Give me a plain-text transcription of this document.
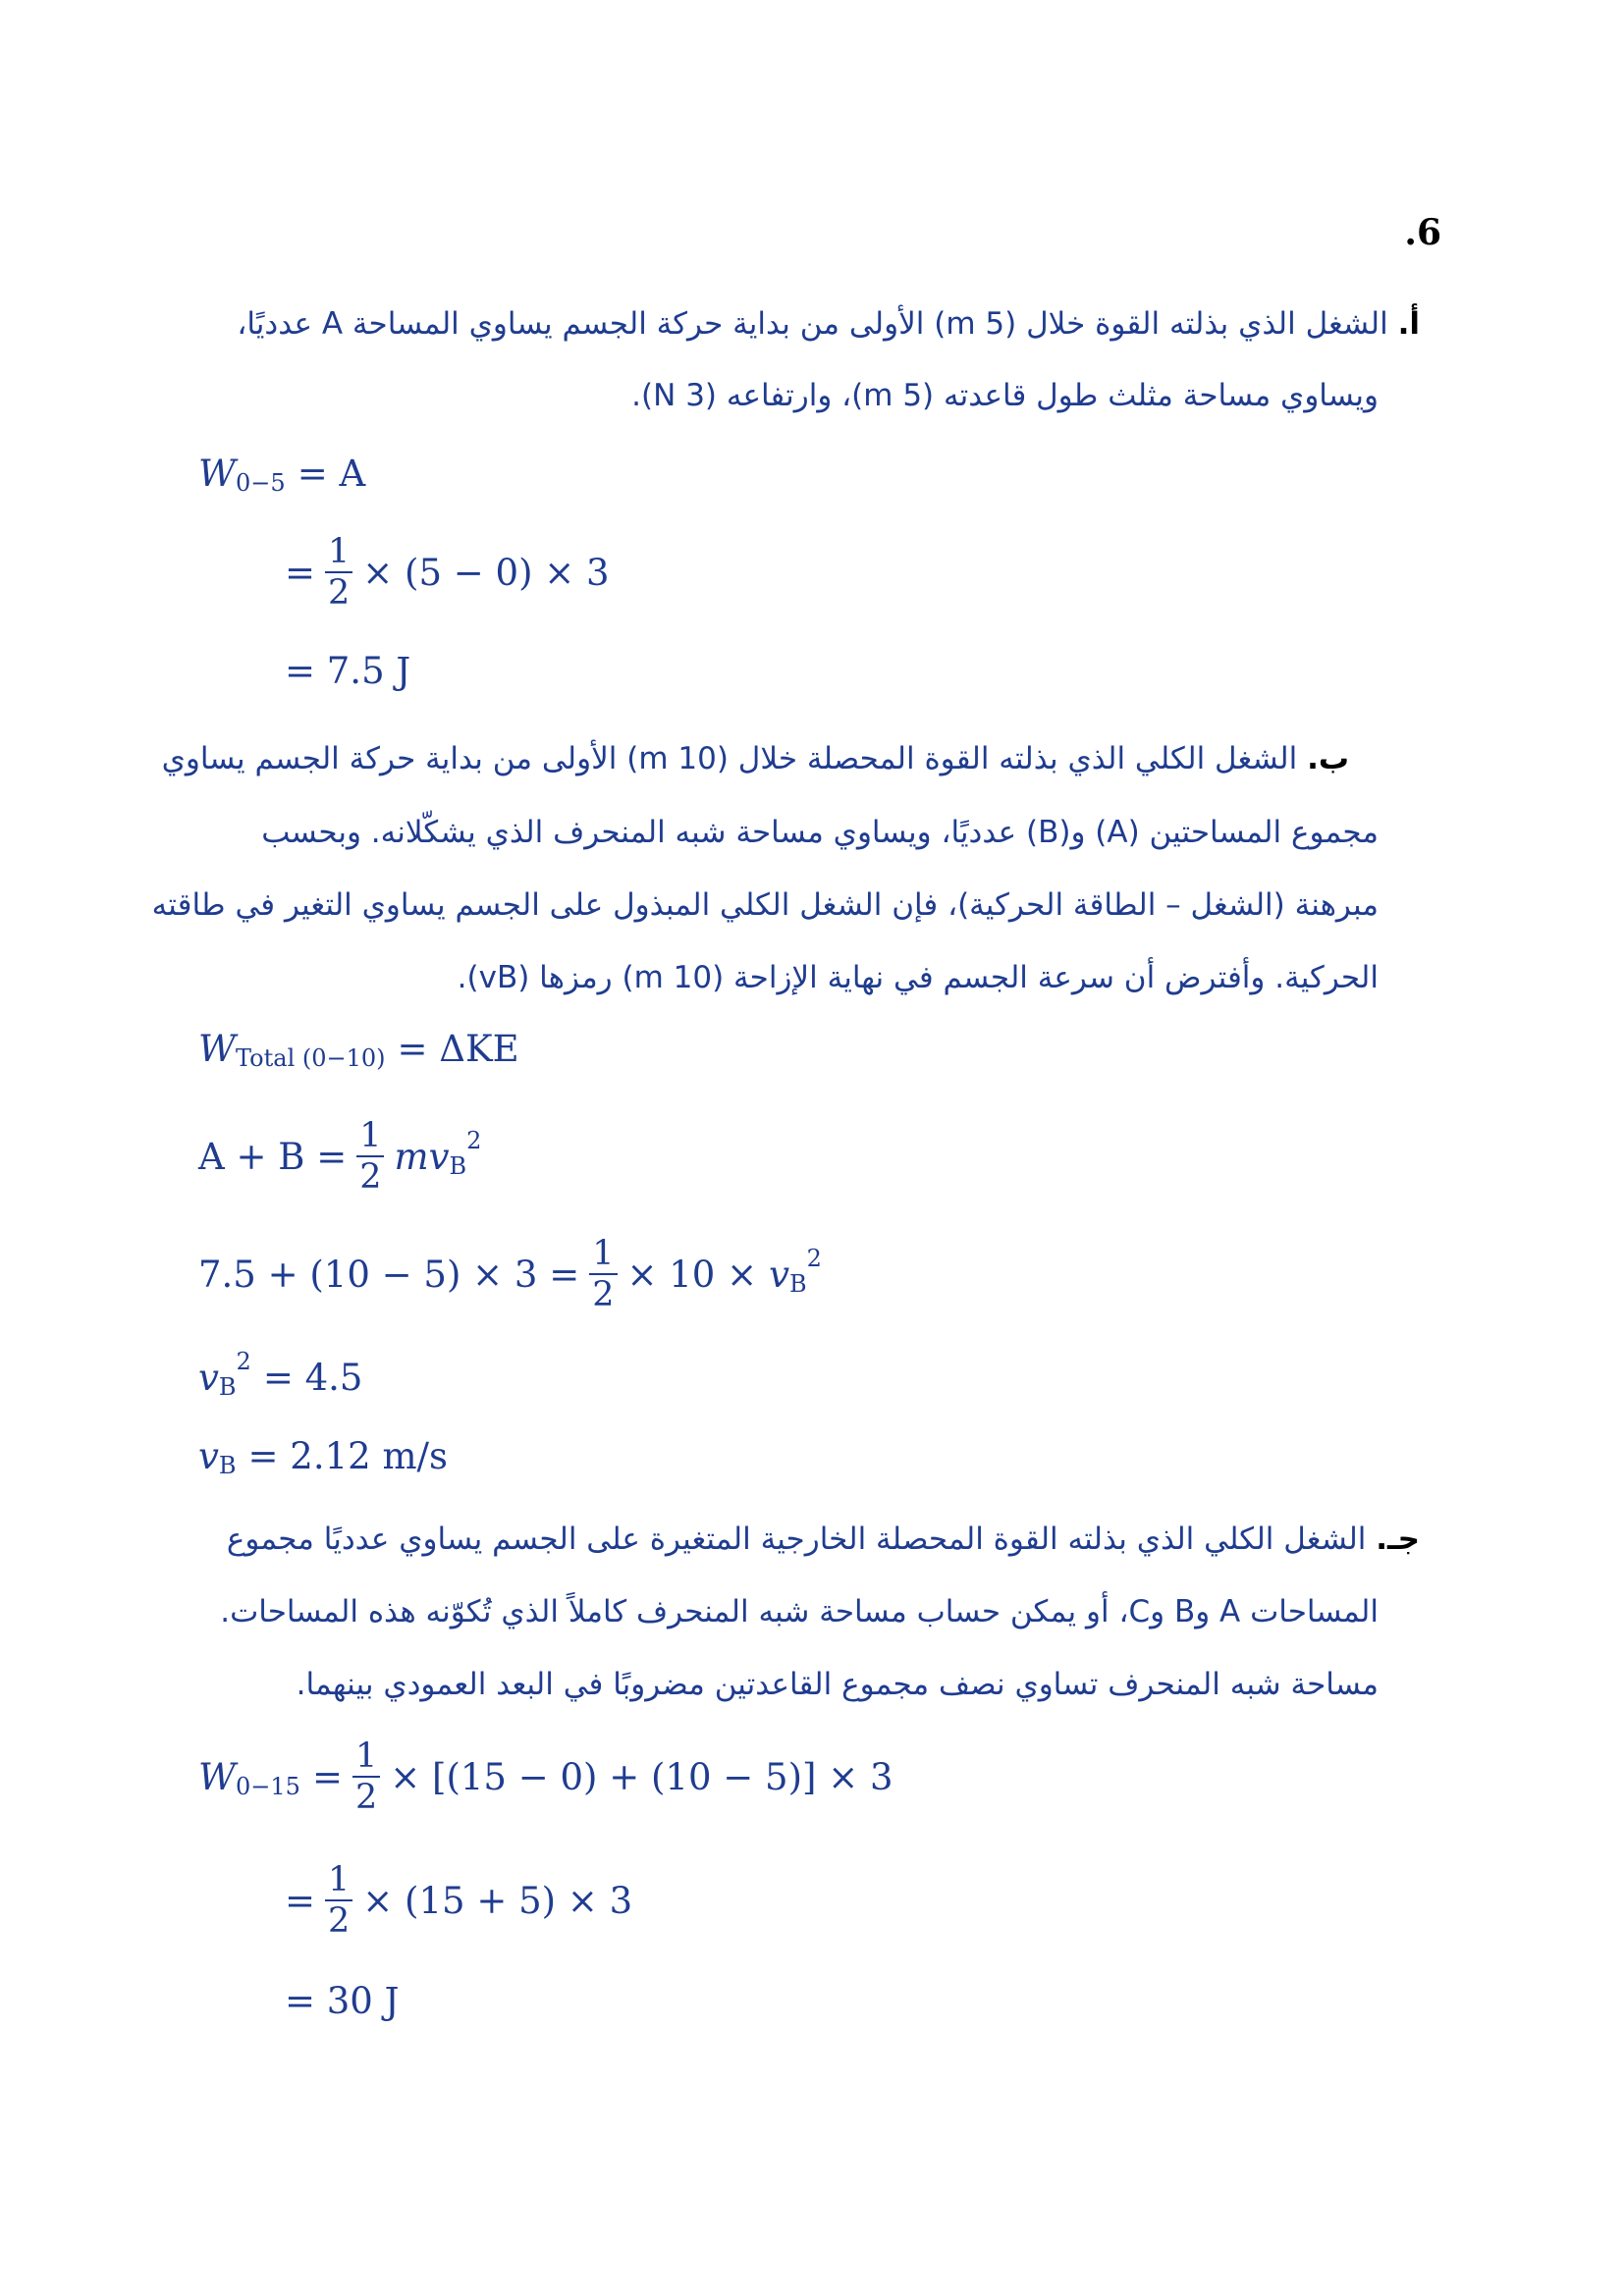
.6
أ. الشغل الذي بذلته القوة خلال (5 m) الأولى من بداية حركة الجسم يساوي المساحة A عدديًا،
ويساوي مساحة مثلث طول قاعدته (5 m)، وارتفاعه (3 N).
W 0−5 = A
= $\frac{1}{2} \times (5 - 0) \times 3$
= 7.5 J
ب. الشغل الكلي الذي بذلته القوة المحصلة خلال (10 m) الأولى من بداية حركة الجسم يساوي
مجموع المساحتين (A) و(B) عدديًا، ويساوي مساحة شبه المنحرف الذي يشكّلانه. وبحسب
مبرهنة (الشغل – الطاقة الحركية)، فإن الشغل الكلي المبذول على الجسم يساوي التغير في طاقته
الحركية. وأفترض أن سرعة الجسم في نهاية الإزاحة (10 m) رمزها (vB).
W Total (0−10) = ΔKE
$A + B = \frac{1}{2}$ mv B
2
$7.5 + (10 - 5) \times 3 = \frac{1}{2} \times 10 \times v$ B
2
v B
2 = 4.5
v B = 2.12 m/s
جـ. الشغل الكلي الذي بذلته القوة المحصلة الخارجية المتغيرة على الجسم يساوي عدديًا مجموع
المساحات A وB وC، أو يمكن حساب مساحة شبه المنحرف كاملاً الذي تُكوّنه هذه المساحات.
مساحة شبه المنحرف تساوي نصف مجموع القاعدتين مضروبًا في البعد العمودي بينهما.
W $0-15 = \frac{1}{2} \times [(15 - 0) + (10 - 5)] \times 3$
= $\frac{1}{2} \times (15 + 5) \times 3$
= 30 J
